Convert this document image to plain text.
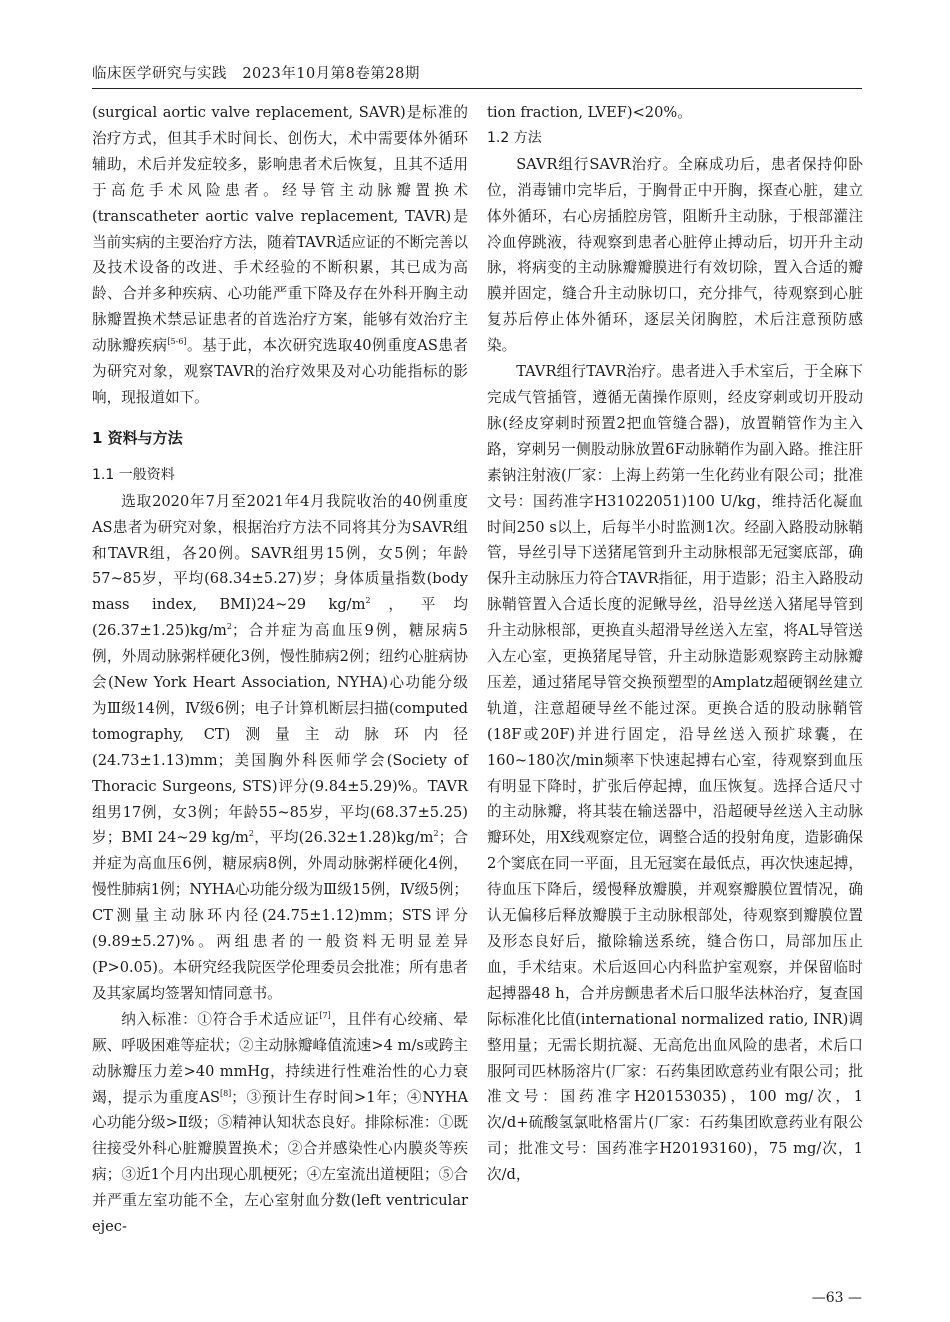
临床医学研究与实践 2023年10月第8卷第28期

(surgical aortic valve replacement, SAVR)是标准的治疗方式，但其手术时间长、创伤大，术中需要体外循环辅助，术后并发症较多，影响患者术后恢复，且其不适用于高危手术风险患者。经导管主动脉瓣置换术(transcatheter aortic valve replacement, TAVR)是当前实病的主要治疗方法，随着TAVR适应证的不断完善以及技术设备的改进、手术经验的不断积累，其已成为高龄、合并多种疾病、心功能严重下降及存在外科开胸主动脉瓣置换术禁忌证患者的首选治疗方案，能够有效治疗主动脉瓣疾病[5-6]。基于此，本次研究选取40例重度AS患者为研究对象，观察TAVR的治疗效果及对心功能指标的影响，现报道如下。

1 资料与方法

1.1 一般资料

选取2020年7月至2021年4月我院收治的40例重度AS患者为研究对象，根据治疗方法不同将其分为SAVR组和TAVR组，各20例。SAVR组男15例，女5例；年龄57~85岁，平均(68.34±5.27)岁；身体质量指数(body mass index, BMI)24~29 $kg/m^2$，平均$(26.37\pm 1.25)kg/m^2$；合并症为高血压9例，糖尿病5例，外周动脉粥样硬化3例，慢性肺病2例；纽约心脏病协会(New York Heart Association, NYHA)心功能分级为Ⅲ级14例，Ⅳ级6例；电子计算机断层扫描(computed tomography, CT)测量主动脉环内径(24.73±1.13)mm；美国胸外科医师学会(Society of Thoracic Surgeons, STS)评分(9.84±5.29)%。TAVR组男17例，女3例；年龄55~85岁，平均(68.37±5.25)岁；BMI 24~29 $kg/m^2$，平均$(26.32\pm 1.28)kg/m^2$；合并症为高血压6例，糖尿病8例，外周动脉粥样硬化4例，慢性肺病1例；NYHA心功能分级为Ⅲ级15例，Ⅳ级5例；CT测量主动脉环内径(24.75±1.12)mm；STS评分(9.89±5.27)%。两组患者的一般资料无明显差异(P>0.05)。本研究经我院医学伦理委员会批准；所有患者及其家属均签署知情同意书。

纳入标准：①符合手术适应证[7]，且伴有心绞痛、晕厥、呼吸困难等症状；②主动脉瓣峰值流速>4 m/s或跨主动脉瓣压力差>40 mmHg，持续进行性难治性的心力衰竭，提示为重度AS[8]；③预计生存时间>1年；④NYHA心功能分级>Ⅱ级；⑤精神认知状态良好。排除标准：①既往接受外科心脏瓣膜置换术；②合并感染性心内膜炎等疾病；③近1个月内出现心肌梗死；④左室流出道梗阻；⑤合并严重左室功能不全，左心室射血分数(left ventricular ejec-

tion fraction, LVEF)<20%。

1.2 方法

SAVR组行SAVR治疗。全麻成功后，患者保持仰卧位，消毒铺巾完毕后，于胸骨正中开胸，探查心脏，建立体外循环，右心房插腔房管，阻断升主动脉，于根部灌注冷血停跳液，待观察到患者心脏停止搏动后，切开升主动脉，将病变的主动脉瓣瓣膜进行有效切除，置入合适的瓣膜并固定，缝合升主动脉切口，充分排气，待观察到心脏复苏后停止体外循环，逐层关闭胸腔，术后注意预防感染。

TAVR组行TAVR治疗。患者进入手术室后，于全麻下完成气管插管，遵循无菌操作原则，经皮穿刺或切开股动脉(经皮穿刺时预置2把血管缝合器)，放置鞘管作为主入路，穿刺另一侧股动脉放置6F动脉鞘作为副入路。推注肝素钠注射液(厂家：上海上药第一生化药业有限公司；批准文号：国药准字H31022051)100 U/kg，维持活化凝血时间250 s以上，后每半小时监测1次。经副入路股动脉鞘管，导丝引导下送猪尾管到升主动脉根部无冠窦底部，确保升主动脉压力符合TAVR指征，用于造影；沿主入路股动脉鞘管置入合适长度的泥鳅导丝，沿导丝送入猪尾导管到升主动脉根部，更换直头超滑导丝送入左室，将AL导管送入左心室，更换猪尾导管，升主动脉造影观察跨主动脉瓣压差，通过猪尾导管交换预塑型的Amplatz超硬钢丝建立轨道，注意超硬导丝不能过深。更换合适的股动脉鞘管(18F或20F)并进行固定，沿导丝送入预扩球囊，在160~180次/min频率下快速起搏右心室，待观察到血压有明显下降时，扩张后停起搏，血压恢复。选择合适尺寸的主动脉瓣，将其装在输送器中，沿超硬导丝送入主动脉瓣环处，用X线观察定位，调整合适的投射角度，造影确保2个窦底在同一平面，且无冠窦在最低点，再次快速起搏，待血压下降后，缓慢释放瓣膜，并观察瓣膜位置情况，确认无偏移后释放瓣膜于主动脉根部处，待观察到瓣膜位置及形态良好后，撤除输送系统，缝合伤口，局部加压止血，手术结束。术后返回心内科监护室观察，并保留临时起搏器48 h，合并房颤患者术后口服华法林治疗，复查国际标准化比值(international normalized ratio, INR)调整用量；无需长期抗凝、无高危出血风险的患者，术后口服阿司匹林肠溶片(厂家：石药集团欧意药业有限公司；批准文号：国药准字H20153035)，100 mg/次，1次/d+硫酸氢氯吡格雷片(厂家：石药集团欧意药业有限公司；批准文号：国药准字H20193160)，75 mg/次，1次/d，

—63 —
